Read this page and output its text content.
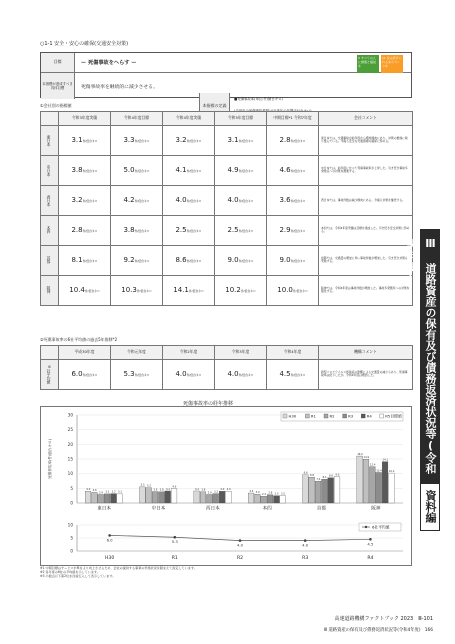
○1-1 安全・安心の確保(交通安全対策)
目標	ー 死傷事故をへらす ー
3 すべての人に健康と福祉を
11 住み続けられるまちづくりを
本指標が達成すべき具体目標	死傷事故率を継続的に減少させる。
本指標の定義
■死傷事故率(単位:件/億台キロ)
①会社別の指標値
	令和3年度実績	令和4年度目標	令和4年度実績	令和5年度目標	中期目標*1 令和7年度	会社コメント
東日本	3.1件/億台キロ	3.3件/億台キロ	3.2件/億台キロ	3.1件/億台キロ	2.8件/億台キロ	東日本では、交通事故が前年度から増加傾向にあり、対策の推進に取り組んでいる。今後も安全な交通環境の確保に努める。
中日本	3.8件/億台キロ	5.0件/億台キロ	4.1件/億台キロ	4.9件/億台キロ	4.6件/億台キロ	中日本では、前年度に比べて死傷事故率が上昇した。引き続き事故多発地点への対策を推進する。
西日本	3.2件/億台キロ	4.2件/億台キロ	4.0件/億台キロ	4.0件/億台キロ	3.6件/億台キロ	西日本では、事故件数は減少傾向にある。今後も対策を継続する。
本四	2.8件/億台キロ	3.8件/億台キロ	2.5件/億台キロ	2.5件/億台キロ	2.9件/億台キロ	本四では、令和4年度実績は目標を達成した。引き続き安全対策に努める。
首都	8.1件/億台キロ	9.2件/億台キロ	8.6件/億台キロ	9.0件/億台キロ	9.0件/億台キロ	首都では、交通量の増加に伴い事故件数が増加した。引き続き対策を実施する。
阪神	10.4件/億台キロ	10.3件/億台キロ	14.1件/億台キロ	10.2件/億台キロ	10.0件/億台キロ	阪神では、令和4年度は事故件数が増加した。事故多発箇所への対策を強化する。
②死傷事故率の6社平均値の過去5年推移*2
	平成30年度	令和元年度	令和2年度	令和3年度	令和4年度	機構コメント
6社平均値	6.0件/億台キロ	5.3件/億台キロ	4.0件/億台キロ	4.0件/億台キロ	4.5件/億台キロ	新型コロナウイルス感染症の影響による交通量の減少もあり、死傷事故率は低下したが、令和4年度は増加した。
死傷事故率の経年推移
0
5
10
15
20
25
30
死傷事故率(件/億台キロ)
4.0 3.6
2.9 3.1 3.2 3.1
東日本
5.5 5.2
3.9 3.8 4.1
4.9
中日本
4.1 3.8
2.9 3.2
4.0 4.0
西日本
3.4 3.0
2.3 2.8 2.5 2.5
本四
9.6
8.8
7.4
8.1 8.6 9.0
首都
16.0
14.9
12.4
10.4
14.1
10.2
阪神
H30	R1	R2	R3	R4	R5目標値

0
5
10
6.0
H30
5.3
R1
4.0
R2
4.0
R3
4.5
R4
6社平均値
※1 中期目標はサービス水準をより向上させるため、会社の提供する事業の実施状況を踏まえて設定しています。
※2 各年度の6社の平均値を示しています。
※3 小数点以下第2位を四捨五入して表示しています。
高速道路機構ファクトブック 2023　 Ⅲ-101
Ⅲ 道路資産の保有及び債務返済状況等(令和4年度)　 166
Ⅲ 道路資産の保有及び債務返済状況等(令和4年度)
資料編
